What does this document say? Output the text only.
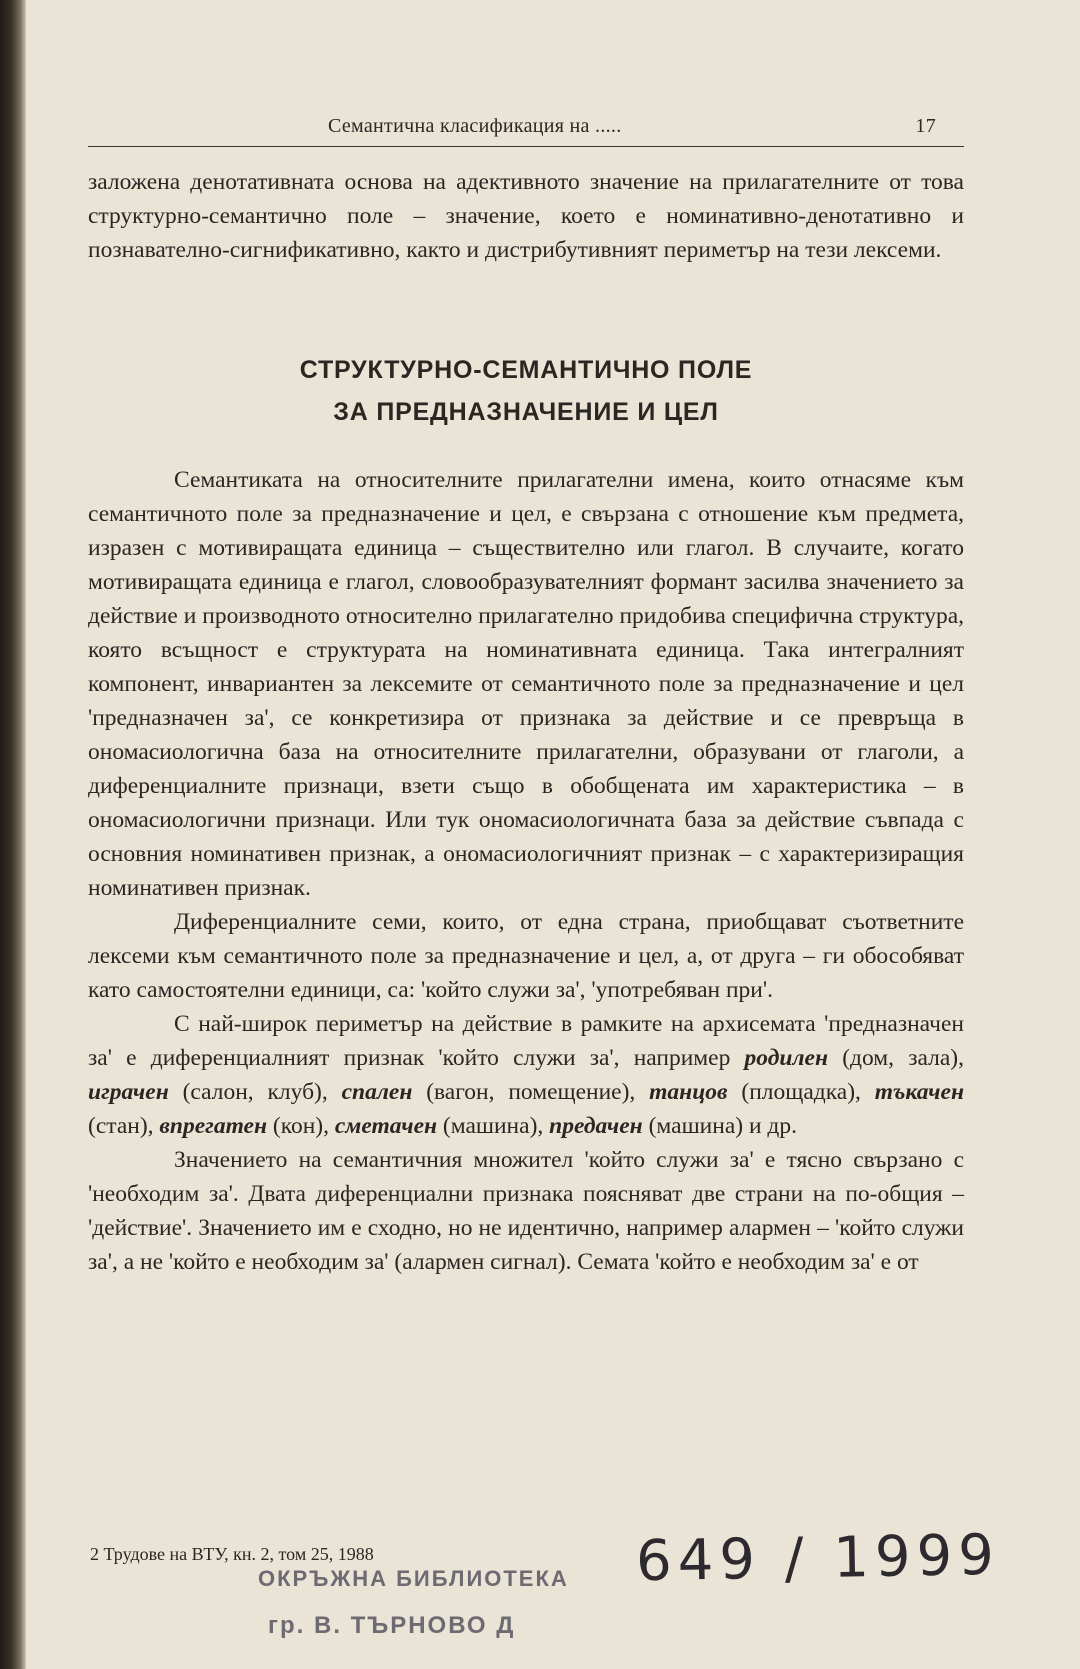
Семантична класификация на .....	17

заложена денотативната основа на адективното значение на прилагателните от това структурно-семантично поле – значение, което е номинативно-денотативно и познавателно-сигнификативно, както и дистрибутивният периметър на тези лексеми.

СТРУКТУРНО-СЕМАНТИЧНО ПОЛЕ
ЗА ПРЕДНАЗНАЧЕНИЕ И ЦЕЛ

Семантиката на относителните прилагателни имена, които отнасяме към семантичното поле за предназначение и цел, е свързана с отношение към предмета, изразен с мотивиращата единица – съществително или глагол. В случаите, когато мотивиращата единица е глагол, словообразувателният формант засилва значението за действие и производното относително прилагателно придобива специфична структура, която всъщност е структурата на номинативната единица. Така интегралният компонент, инвариантен за лексемите от семантичното поле за предназначение и цел 'предназначен за', се конкретизира от признака за действие и се превръща в ономасиологична база на относителните прилагателни, образувани от глаголи, а диференциалните признаци, взети също в обобщената им характеристика – в ономасиологични признаци. Или тук ономасиологичната база за действие съвпада с основния номинативен признак, а ономасиологичният признак – с характеризиращия номинативен признак.

Диференциалните семи, които, от една страна, приобщават съответните лексеми към семантичното поле за предназначение и цел, а, от друга – ги обособяват като самостоятелни единици, са: 'който служи за', 'употребяван при'.

С най-широк периметър на действие в рамките на архисемата 'предназначен за' е диференциалният признак 'който служи за', например родилен (дом, зала), играчен (салон, клуб), спален (вагон, помещение), танцов (площадка), тъкачен (стан), впрегатен (кон), сметачен (машина), предачен (машина) и др.

Значението на семантичния множител 'който служи за' е тясно свързано с 'необходим за'. Двата диференциални признака поясняват две страни на по-общия – 'действие'. Значението им е сходно, но не идентично, например алармен – 'който служи за', а не 'който е необходим за' (алармен сигнал). Семата 'който е необходим за' е от

2 Трудове на ВТУ, кн. 2, том 25, 1988
ОКРЪЖНА БИБЛИОТЕКА
гр. В. ТЪРНОВО Д
649 / 1999
